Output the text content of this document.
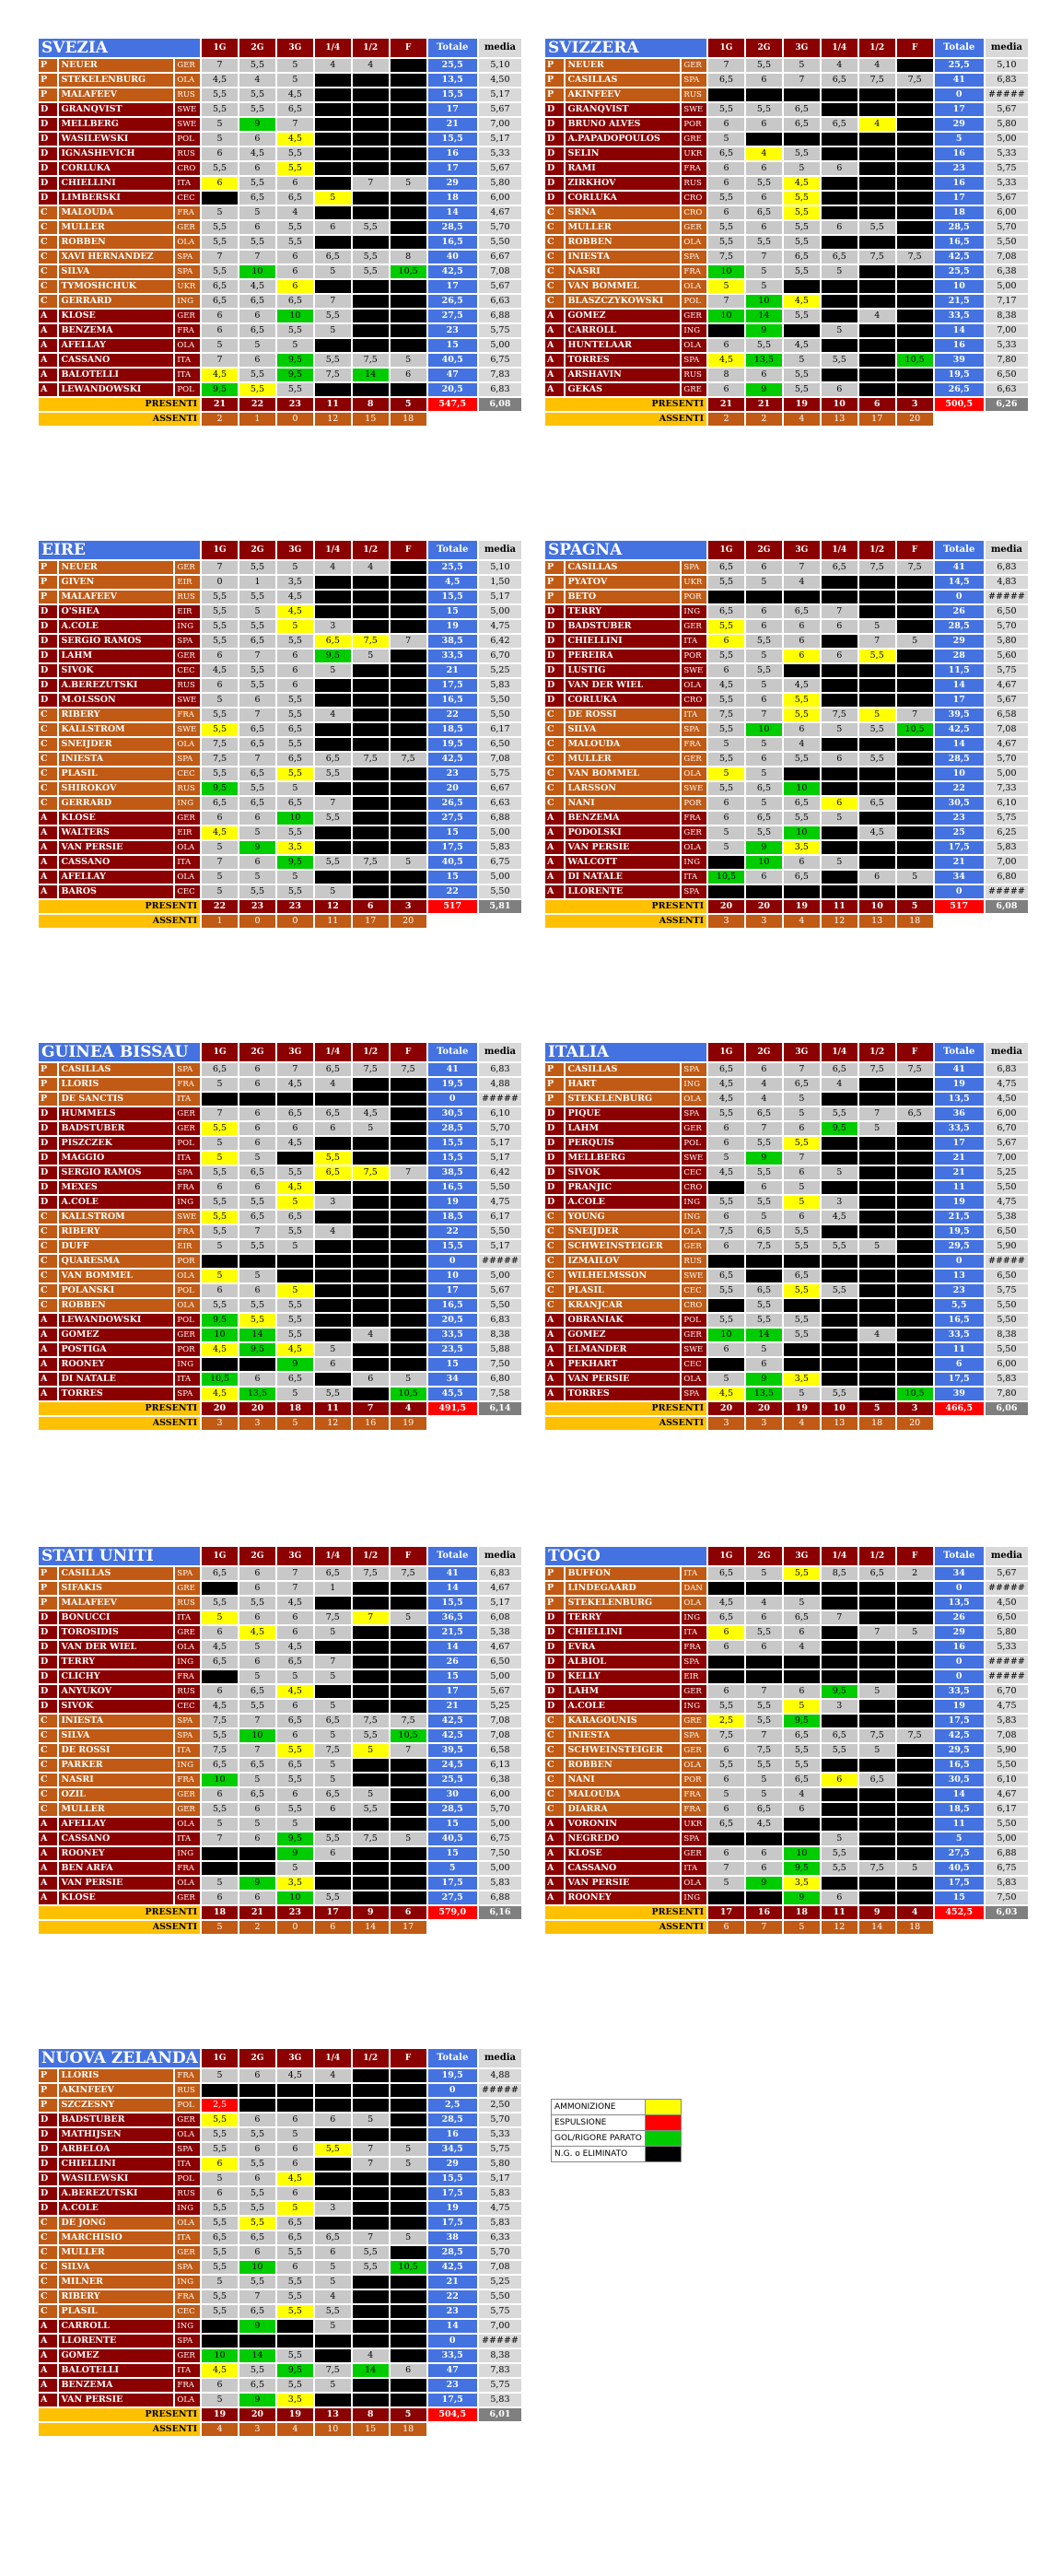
SVEZIA			1G	2G	3G	1/4	1/2	F	Totale	media
P	NEUER	GER	7	5,5	5	4	4		25,5	5,10
P	STEKELENBURG	OLA	4,5	4	5				13,5	4,50
P	MALAFEEV	RUS	5,5	5,5	4,5				15,5	5,17
D	GRANQVIST	SWE	5,5	5,5	6,5				17	5,67
D	MELLBERG	SWE	5	9	7				21	7,00
D	WASILEWSKI	POL	5	6	4,5				15,5	5,17
D	IGNASHEVICH	RUS	6	4,5	5,5				16	5,33
D	CORLUKA	CRO	5,5	6	5,5				17	5,67
D	CHIELLINI	ITA	6	5,5	6		7	5	29	5,80
D	LIMBERSKI	CEC		6,5	6,5	5			18	6,00
C	MALOUDA	FRA	5	5	4				14	4,67
C	MULLER	GER	5,5	6	5,5	6	5,5		28,5	5,70
C	ROBBEN	OLA	5,5	5,5	5,5				16,5	5,50
C	XAVI HERNANDEZ	SPA	7	7	6	6,5	5,5	8	40	6,67
C	SILVA	SPA	5,5	10	6	5	5,5	10,5	42,5	7,08
C	TYMOSHCHUK	UKR	6,5	4,5	6				17	5,67
C	GERRARD	ING	6,5	6,5	6,5	7			26,5	6,63
A	KLOSE	GER	6	6	10	5,5			27,5	6,88
A	BENZEMA	FRA	6	6,5	5,5	5			23	5,75
A	AFELLAY	OLA	5	5	5				15	5,00
A	CASSANO	ITA	7	6	9,5	5,5	7,5	5	40,5	6,75
A	BALOTELLI	ITA	4,5	5,5	9,5	7,5	14	6	47	7,83
A	LEWANDOWSKI	POL	9,5	5,5	5,5				20,5	6,83
PRESENTI			21	22	23	11	8	5	547,5	6,08
ASSENTI			2	1	0	12	15	18		
SVIZZERA			1G	2G	3G	1/4	1/2	F	Totale	media
P	NEUER	GER	7	5,5	5	4	4		25,5	5,10
P	CASILLAS	SPA	6,5	6	7	6,5	7,5	7,5	41	6,83
P	AKINFEEV	RUS							0	#####
D	GRANQVIST	SWE	5,5	5,5	6,5				17	5,67
D	BRUNO ALVES	POR	6	6	6,5	6,5	4		29	5,80
D	A.PAPADOPOULOS	GRE	5						5	5,00
D	SELIN	UKR	6,5	4	5,5				16	5,33
D	RAMI	FRA	6	6	5	6			23	5,75
D	ZIRKHOV	RUS	6	5,5	4,5				16	5,33
D	CORLUKA	CRO	5,5	6	5,5				17	5,67
C	SRNA	CRO	6	6,5	5,5				18	6,00
C	MULLER	GER	5,5	6	5,5	6	5,5		28,5	5,70
C	ROBBEN	OLA	5,5	5,5	5,5				16,5	5,50
C	INIESTA	SPA	7,5	7	6,5	6,5	7,5	7,5	42,5	7,08
C	NASRI	FRA	10	5	5,5	5			25,5	6,38
C	VAN BOMMEL	OLA	5	5					10	5,00
C	BLASZCZYKOWSKI	POL	7	10	4,5				21,5	7,17
A	GOMEZ	GER	10	14	5,5		4		33,5	8,38
A	CARROLL	ING		9		5			14	7,00
A	HUNTELAAR	OLA	6	5,5	4,5				16	5,33
A	TORRES	SPA	4,5	13,5	5	5,5		10,5	39	7,80
A	ARSHAVIN	RUS	8	6	5,5				19,5	6,50
A	GEKAS	GRE	6	9	5,5	6			26,5	6,63
PRESENTI			21	21	19	10	6	3	500,5	6,26
ASSENTI			2	2	4	13	17	20		
EIRE			1G	2G	3G	1/4	1/2	F	Totale	media
P	NEUER	GER	7	5,5	5	4	4		25,5	5,10
P	GIVEN	EIR	0	1	3,5				4,5	1,50
P	MALAFEEV	RUS	5,5	5,5	4,5				15,5	5,17
D	O'SHEA	EIR	5,5	5	4,5				15	5,00
D	A.COLE	ING	5,5	5,5	5	3			19	4,75
D	SERGIO RAMOS	SPA	5,5	6,5	5,5	6,5	7,5	7	38,5	6,42
D	LAHM	GER	6	7	6	9,5	5		33,5	6,70
D	SIVOK	CEC	4,5	5,5	6	5			21	5,25
D	A.BEREZUTSKI	RUS	6	5,5	6				17,5	5,83
D	M.OLSSON	SWE	5	6	5,5				16,5	5,50
C	RIBERY	FRA	5,5	7	5,5	4			22	5,50
C	KALLSTROM	SWE	5,5	6,5	6,5				18,5	6,17
C	SNEIJDER	OLA	7,5	6,5	5,5				19,5	6,50
C	INIESTA	SPA	7,5	7	6,5	6,5	7,5	7,5	42,5	7,08
C	PLASIL	CEC	5,5	6,5	5,5	5,5			23	5,75
C	SHIROKOV	RUS	9,5	5,5	5				20	6,67
C	GERRARD	ING	6,5	6,5	6,5	7			26,5	6,63
A	KLOSE	GER	6	6	10	5,5			27,5	6,88
A	WALTERS	EIR	4,5	5	5,5				15	5,00
A	VAN PERSIE	OLA	5	9	3,5				17,5	5,83
A	CASSANO	ITA	7	6	9,5	5,5	7,5	5	40,5	6,75
A	AFELLAY	OLA	5	5	5				15	5,00
A	BAROS	CEC	5	5,5	5,5	5			22	5,50
PRESENTI			22	23	23	12	6	3	517	5,81
ASSENTI			1	0	0	11	17	20		
SPAGNA			1G	2G	3G	1/4	1/2	F	Totale	media
P	CASILLAS	SPA	6,5	6	7	6,5	7,5	7,5	41	6,83
P	PYATOV	UKR	5,5	5	4				14,5	4,83
P	BETO	POR							0	#####
D	TERRY	ING	6,5	6	6,5	7			26	6,50
D	BADSTUBER	GER	5,5	6	6	6	5		28,5	5,70
D	CHIELLINI	ITA	6	5,5	6		7	5	29	5,80
D	PEREIRA	POR	5,5	5	6	6	5,5		28	5,60
D	LUSTIG	SWE	6	5,5					11,5	5,75
D	VAN DER WIEL	OLA	4,5	5	4,5				14	4,67
D	CORLUKA	CRO	5,5	6	5,5				17	5,67
C	DE ROSSI	ITA	7,5	7	5,5	7,5	5	7	39,5	6,58
C	SILVA	SPA	5,5	10	6	5	5,5	10,5	42,5	7,08
C	MALOUDA	FRA	5	5	4				14	4,67
C	MULLER	GER	5,5	6	5,5	6	5,5		28,5	5,70
C	VAN BOMMEL	OLA	5	5					10	5,00
C	LARSSON	SWE	5,5	6,5	10				22	7,33
C	NANI	POR	6	5	6,5	6	6,5		30,5	6,10
A	BENZEMA	FRA	6	6,5	5,5	5			23	5,75
A	PODOLSKI	GER	5	5,5	10		4,5		25	6,25
A	VAN PERSIE	OLA	5	9	3,5				17,5	5,83
A	WALCOTT	ING		10	6	5			21	7,00
A	DI NATALE	ITA	10,5	6	6,5		6	5	34	6,80
A	LLORENTE	SPA							0	#####
PRESENTI			20	20	19	11	10	5	517	6,08
ASSENTI			3	3	4	12	13	18		
GUINEA BISSAU			1G	2G	3G	1/4	1/2	F	Totale	media
P	CASILLAS	SPA	6,5	6	7	6,5	7,5	7,5	41	6,83
P	LLORIS	FRA	5	6	4,5	4			19,5	4,88
P	DE SANCTIS	ITA							0	#####
D	HUMMELS	GER	7	6	6,5	6,5	4,5		30,5	6,10
D	BADSTUBER	GER	5,5	6	6	6	5		28,5	5,70
D	PISZCZEK	POL	5	6	4,5				15,5	5,17
D	MAGGIO	ITA	5	5		5,5			15,5	5,17
D	SERGIO RAMOS	SPA	5,5	6,5	5,5	6,5	7,5	7	38,5	6,42
D	MEXES	FRA	6	6	4,5				16,5	5,50
D	A.COLE	ING	5,5	5,5	5	3			19	4,75
C	KALLSTROM	SWE	5,5	6,5	6,5				18,5	6,17
C	RIBERY	FRA	5,5	7	5,5	4			22	5,50
C	DUFF	EIR	5	5,5	5				15,5	5,17
C	QUARESMA	POR							0	#####
C	VAN BOMMEL	OLA	5	5					10	5,00
C	POLANSKI	POL	6	6	5				17	5,67
C	ROBBEN	OLA	5,5	5,5	5,5				16,5	5,50
A	LEWANDOWSKI	POL	9,5	5,5	5,5				20,5	6,83
A	GOMEZ	GER	10	14	5,5		4		33,5	8,38
A	POSTIGA	POR	4,5	9,5	4,5	5			23,5	5,88
A	ROONEY	ING			9	6			15	7,50
A	DI NATALE	ITA	10,5	6	6,5		6	5	34	6,80
A	TORRES	SPA	4,5	13,5	5	5,5		10,5	45,5	7,58
PRESENTI			20	20	18	11	7	4	491,5	6,14
ASSENTI			3	3	5	12	16	19		
ITALIA			1G	2G	3G	1/4	1/2	F	Totale	media
P	CASILLAS	SPA	6,5	6	7	6,5	7,5	7,5	41	6,83
P	HART	ING	4,5	4	6,5	4			19	4,75
P	STEKELENBURG	OLA	4,5	4	5				13,5	4,50
D	PIQUE	SPA	5,5	6,5	5	5,5	7	6,5	36	6,00
D	LAHM	GER	6	7	6	9,5	5		33,5	6,70
D	PERQUIS	POL	6	5,5	5,5				17	5,67
D	MELLBERG	SWE	5	9	7				21	7,00
D	SIVOK	CEC	4,5	5,5	6	5			21	5,25
D	PRANJIC	CRO		6	5				11	5,50
D	A.COLE	ING	5,5	5,5	5	3			19	4,75
C	YOUNG	ING	6	5	6	4,5			21,5	5,38
C	SNEIJDER	OLA	7,5	6,5	5,5				19,5	6,50
C	SCHWEINSTEIGER	GER	6	7,5	5,5	5,5	5		29,5	5,90
C	IZMAILOV	RUS							0	#####
C	WILHELMSSON	SWE	6,5		6,5				13	6,50
C	PLASIL	CEC	5,5	6,5	5,5	5,5			23	5,75
C	KRANJCAR	CRO		5,5					5,5	5,50
A	OBRANIAK	POL	5,5	5,5	5,5				16,5	5,50
A	GOMEZ	GER	10	14	5,5		4		33,5	8,38
A	ELMANDER	SWE	6	5					11	5,50
A	PEKHART	CEC		6					6	6,00
A	VAN PERSIE	OLA	5	9	3,5				17,5	5,83
A	TORRES	SPA	4,5	13,5	5	5,5		10,5	39	7,80
PRESENTI			20	20	19	10	5	3	466,5	6,06
ASSENTI			3	3	4	13	18	20		
STATI UNITI			1G	2G	3G	1/4	1/2	F	Totale	media
P	CASILLAS	SPA	6,5	6	7	6,5	7,5	7,5	41	6,83
P	SIFAKIS	GRE		6	7	1			14	4,67
P	MALAFEEV	RUS	5,5	5,5	4,5				15,5	5,17
D	BONUCCI	ITA	5	6	6	7,5	7	5	36,5	6,08
D	TOROSIDIS	GRE	6	4,5	6	5			21,5	5,38
D	VAN DER WIEL	OLA	4,5	5	4,5				14	4,67
D	TERRY	ING	6,5	6	6,5	7			26	6,50
D	CLICHY	FRA		5	5	5			15	5,00
D	ANYUKOV	RUS	6	6,5	4,5				17	5,67
D	SIVOK	CEC	4,5	5,5	6	5			21	5,25
C	INIESTA	SPA	7,5	7	6,5	6,5	7,5	7,5	42,5	7,08
C	SILVA	SPA	5,5	10	6	5	5,5	10,5	42,5	7,08
C	DE ROSSI	ITA	7,5	7	5,5	7,5	5	7	39,5	6,58
C	PARKER	ING	6,5	6,5	6,5	5			24,5	6,13
C	NASRI	FRA	10	5	5,5	5			25,5	6,38
C	OZIL	GER	6	6,5	6	6,5	5		30	6,00
C	MULLER	GER	5,5	6	5,5	6	5,5		28,5	5,70
A	AFELLAY	OLA	5	5	5				15	5,00
A	CASSANO	ITA	7	6	9,5	5,5	7,5	5	40,5	6,75
A	ROONEY	ING			9	6			15	7,50
A	BEN ARFA	FRA			5				5	5,00
A	VAN PERSIE	OLA	5	9	3,5				17,5	5,83
A	KLOSE	GER	6	6	10	5,5			27,5	6,88
PRESENTI			18	21	23	17	9	6	579,0	6,16
ASSENTI			5	2	0	6	14	17		
TOGO			1G	2G	3G	1/4	1/2	F	Totale	media
P	BUFFON	ITA	6,5	5	5,5	8,5	6,5	2	34	5,67
P	LINDEGAARD	DAN							0	#####
P	STEKELENBURG	OLA	4,5	4	5				13,5	4,50
D	TERRY	ING	6,5	6	6,5	7			26	6,50
D	CHIELLINI	ITA	6	5,5	6		7	5	29	5,80
D	EVRA	FRA	6	6	4				16	5,33
D	ALBIOL	SPA							0	#####
D	KELLY	EIR							0	#####
D	LAHM	GER	6	7	6	9,5	5		33,5	6,70
D	A.COLE	ING	5,5	5,5	5	3			19	4,75
C	KARAGOUNIS	GRE	2,5	5,5	9,5				17,5	5,83
C	INIESTA	SPA	7,5	7	6,5	6,5	7,5	7,5	42,5	7,08
C	SCHWEINSTEIGER	GER	6	7,5	5,5	5,5	5		29,5	5,90
C	ROBBEN	OLA	5,5	5,5	5,5				16,5	5,50
C	NANI	POR	6	5	6,5	6	6,5		30,5	6,10
C	MALOUDA	FRA	5	5	4				14	4,67
C	DIARRA	FRA	6	6,5	6				18,5	6,17
A	VORONIN	UKR	6,5	4,5					11	5,50
A	NEGREDO	SPA				5			5	5,00
A	KLOSE	GER	6	6	10	5,5			27,5	6,88
A	CASSANO	ITA	7	6	9,5	5,5	7,5	5	40,5	6,75
A	VAN PERSIE	OLA	5	9	3,5				17,5	5,83
A	ROONEY	ING			9	6			15	7,50
PRESENTI			17	16	18	11	9	4	452,5	6,03
ASSENTI			6	7	5	12	14	18		
NUOVA ZELANDA			1G	2G	3G	1/4	1/2	F	Totale	media
P	LLORIS	FRA	5	6	4,5	4			19,5	4,88
P	AKINFEEV	RUS							0	#####
P	SZCZESNY	POL	2,5						2,5	2,50
D	BADSTUBER	GER	5,5	6	6	6	5		28,5	5,70
D	MATHIJSEN	OLA	5,5	5,5	5				16	5,33
D	ARBELOA	SPA	5,5	6	6	5,5	7	5	34,5	5,75
D	CHIELLINI	ITA	6	5,5	6		7	5	29	5,80
D	WASILEWSKI	POL	5	6	4,5				15,5	5,17
D	A.BEREZUTSKI	RUS	6	5,5	6				17,5	5,83
D	A.COLE	ING	5,5	5,5	5	3			19	4,75
C	DE JONG	OLA	5,5	5,5	6,5				17,5	5,83
C	MARCHISIO	ITA	6,5	6,5	6,5	6,5	7	5	38	6,33
C	MULLER	GER	5,5	6	5,5	6	5,5		28,5	5,70
C	SILVA	SPA	5,5	10	6	5	5,5	10,5	42,5	7,08
C	MILNER	ING	5	5,5	5,5	5			21	5,25
C	RIBERY	FRA	5,5	7	5,5	4			22	5,50
C	PLASIL	CEC	5,5	6,5	5,5	5,5			23	5,75
A	CARROLL	ING		9		5			14	7,00
A	LLORENTE	SPA							0	#####
A	GOMEZ	GER	10	14	5,5		4		33,5	8,38
A	BALOTELLI	ITA	4,5	5,5	9,5	7,5	14	6	47	7,83
A	BENZEMA	FRA	6	6,5	5,5	5			23	5,75
A	VAN PERSIE	OLA	5	9	3,5				17,5	5,83
PRESENTI			19	20	19	13	8	5	504,5	6,01
ASSENTI			4	3	4	10	15	18		
AMMONIZIONE	
ESPULSIONE	
GOL/RIGORE PARATO	
N.G. o ELIMINATO	
